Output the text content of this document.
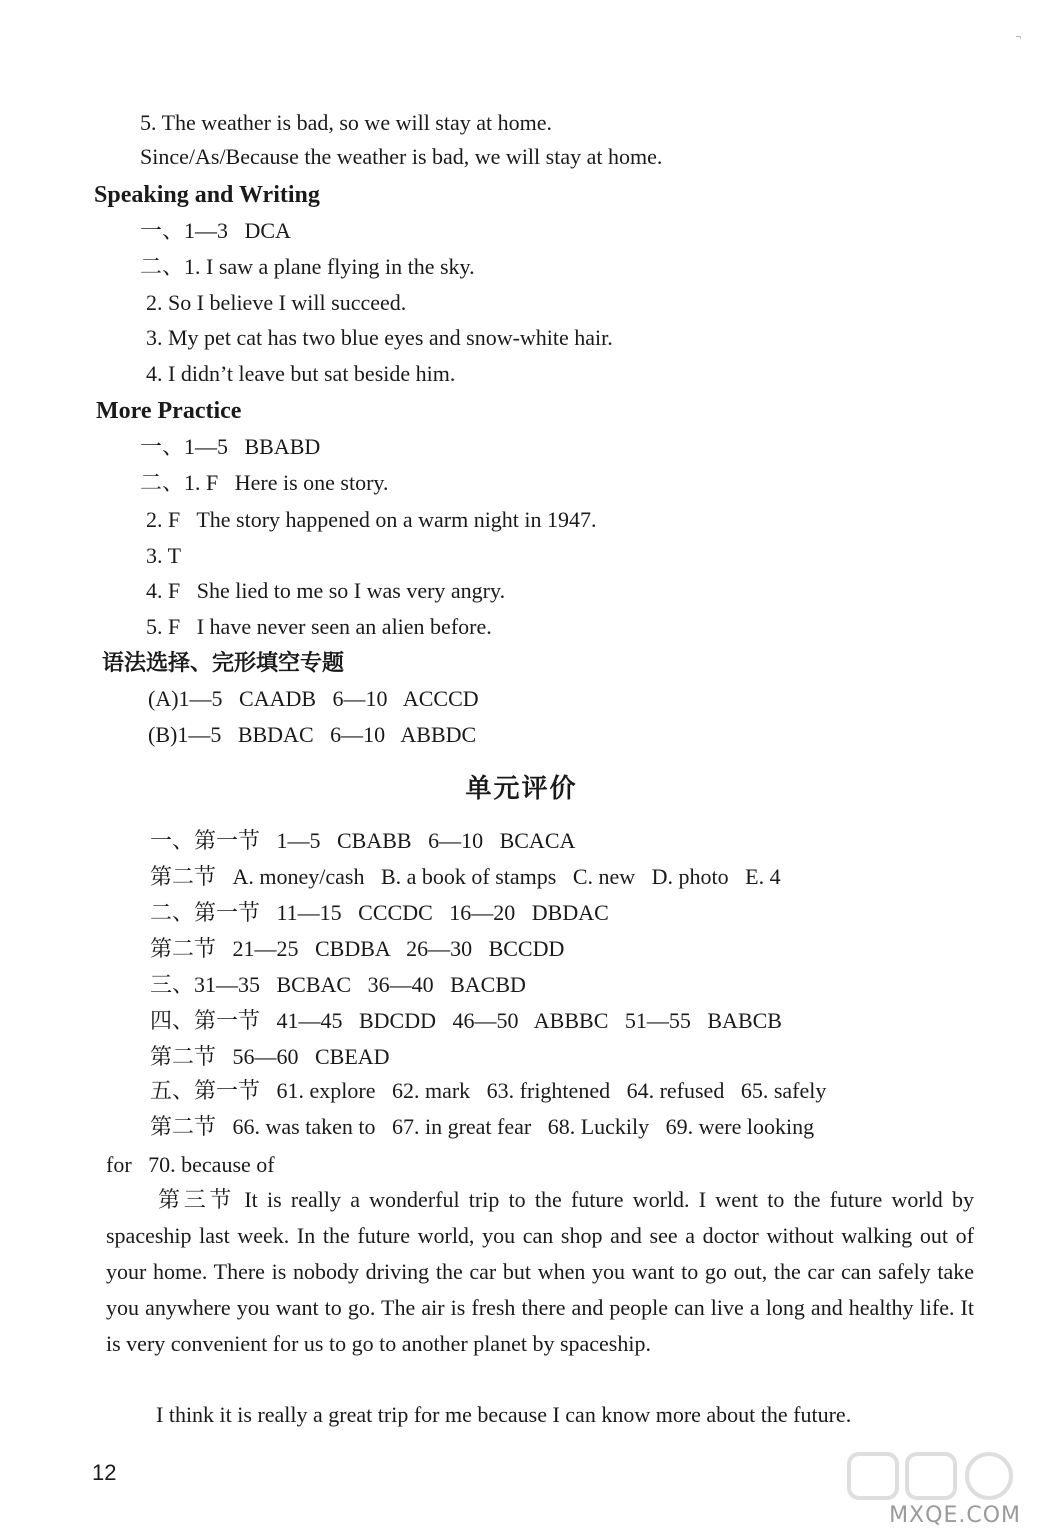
¬
5. The weather is bad, so we will stay at home.
Since/As/Because the weather is bad, we will stay at home.
Speaking and Writing
一、1—3   DCA
二、1. I saw a plane flying in the sky.
2. So I believe I will succeed.
3. My pet cat has two blue eyes and snow-white hair.
4. I didn’t leave but sat beside him.
More Practice
一、1—5   BBABD
二、1. F   Here is one story.
2. F   The story happened on a warm night in 1947.
3. T
4. F   She lied to me so I was very angry.
5. F   I have never seen an alien before.
语法选择、完形填空专题
(A)1—5   CAADB   6—10   ACCCD
(B)1—5   BBDAC   6—10   ABBDC
单元评价
一、第一节   1—5   CBABB   6—10   BCACA
第二节   A. money/cash   B. a book of stamps   C. new   D. photo   E. 4
二、第一节   11—15   CCCDC   16—20   DBDAC
第二节   21—25   CBDBA   26—30   BCCDD
三、31—35   BCBAC   36—40   BACBD
四、第一节   41—45   BDCDD   46—50   ABBBC   51—55   BABCB
第二节   56—60   CBEAD
五、第一节   61. explore   62. mark   63. frightened   64. refused   65. safely
第二节   66. was taken to   67. in great fear   68. Luckily   69. were looking
for   70. because of
第三节 It is really a wonderful trip to the future world. I went to the future world by spaceship last week. In the future world, you can shop and see a doctor without walking out of your home. There is nobody driving the car but when you want to go out, the car can safely take you anywhere you want to go. The air is fresh there and people can live a long and healthy life. It is very convenient for us to go to another planet by spaceship.
I think it is really a great trip for me because I can know more about the future.
12
MXQE.COM
